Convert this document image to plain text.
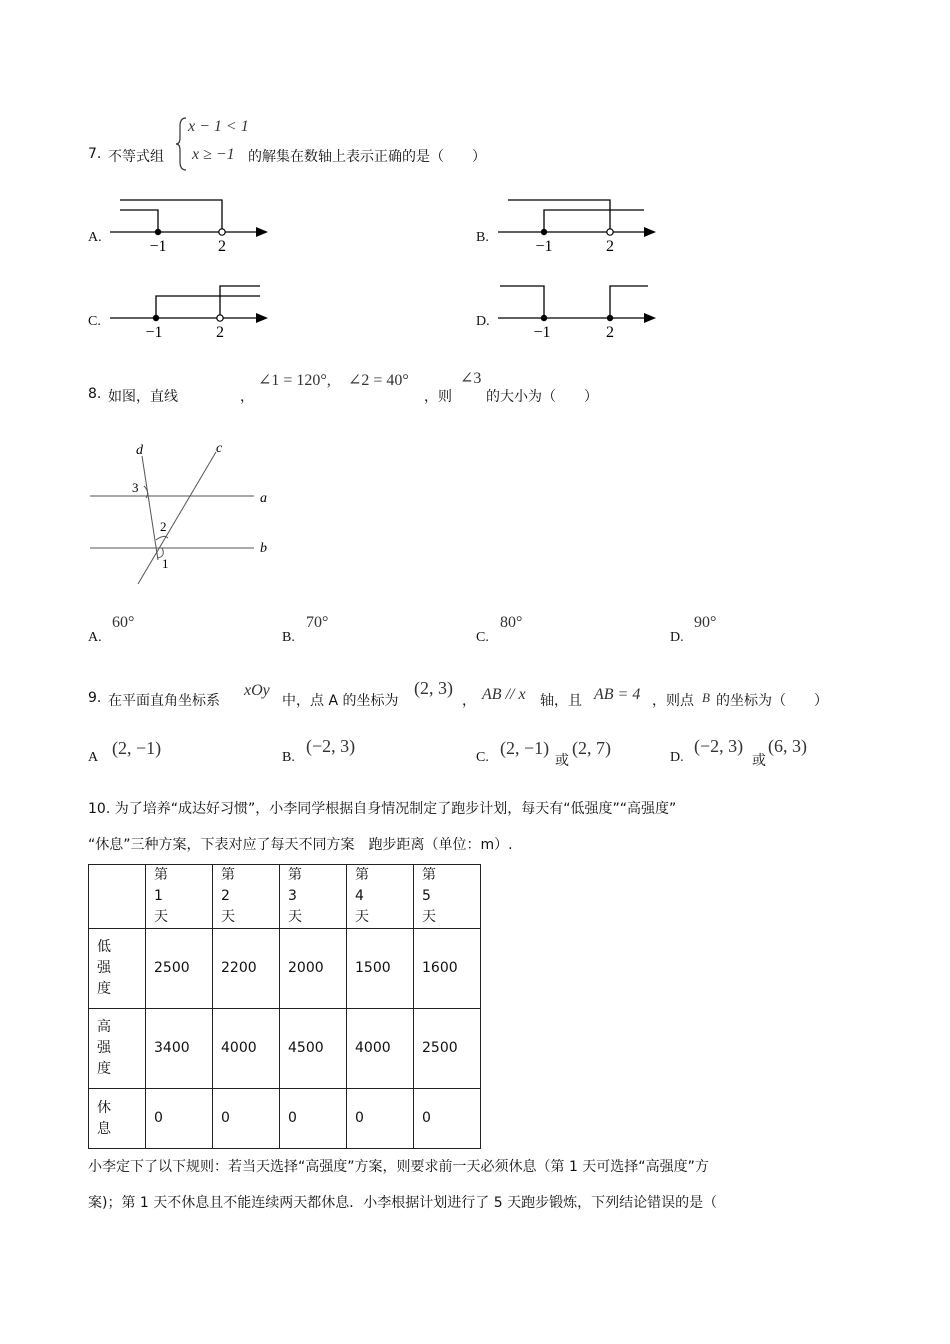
7. 不等式组
x − 1 < 1
x ≥ −1 的解集在数轴上表示正确的是（　　）
A.
−1	2
B.
−1	2
C.
−1	2
D.
−1	2
8. 如图，直线	，
∠1 = 120°, ∠2 = 40°
，则
∠3
的大小为（　　）
d	c
a
b
3
2
1
A.
60°
B.
70°
C.
80°
D.
90°
9. 在平面直角坐标系
xOy
中，点 A 的坐标为
(2, 3)
， AB // x 轴，且 AB = 4 ，则点 B 的坐标为（　　）
A (2, −1)	B.
(−2, 3)
C. (2, −1)
或
(2, 7)	D.
(−2, 3)
或
(6, 3)
10. 为了培养“成达好习惯”，小李同学根据自身情况制定了跑步计划，每天有“低强度”“高强度”
“休息”三种方案，下表对应了每天不同方案　跑步距离（单位：m）.

	第 1 天	第 2 天	第 3 天	第 4 天	第 5 天

低强度	2500	2200	2000	1500	1600

高强度	3400	4000	4500	4000	2500

休息	0	0	0	0	0
小李定下了以下规则：若当天选择“高强度”方案，则要求前一天必须休息（第 1 天可选择“高强度”方
案)；第 1 天不休息且不能连续两天都休息．小李根据计划进行了 5 天跑步锻炼，下列结论错误的是（
